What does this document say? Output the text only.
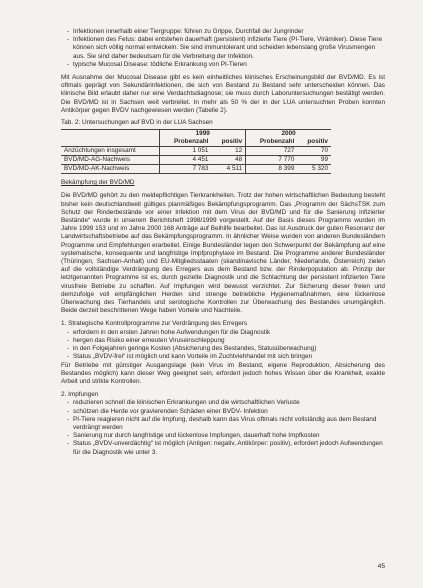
- Infektionen innerhalb einer Tiergruppe: führen zu Grippe, Durchfall der Jungrinder
- Infektionen des Fetus: dabei entstehen dauerhaft (persistent) infizierte Tiere (PI-Tiere, Virämiker). Diese Tiere können sich völlig normal entwickeln. Sie sind immuntolerant und scheiden lebenslang große Virusmengen aus. Sie sind daher bedeutsam für die Verbreitung der Infektion.
- typische Mucosal Disease: tödliche Erkrankung von PI-Tieren

Mit Ausnahme der Mucosal Disease gibt es kein einheitliches klinisches Erscheinungsbild der BVD/MD. Es ist oftmals geprägt von Sekundärinfektionen, die sich von Bestand zu Bestand sehr unterscheiden können. Das klinische Bild erlaubt daher nur eine Verdachtsdiagnose; sie muss durch Laboruntersuchungen bestätigt werden. Die BVD/MD ist in Sachsen weit verbreitet. In mehr als 50 % der in der LUA untersuchten Proben konnten Antikörper gegen BVDV nachgewiesen werden (Tabelle 2).

Tab. 2: Untersuchungen auf BVD in der LUA Sachsen

	1999		2000	
	Probenzahl	positiv	Probenzahl	positiv
Anzüchtungen insgesamt	1 051	12	727	70
BVD/MD-AG-Nachweis	4 451	48	7 770	99
BVD/MD-AK-Nachweis	7 783	4 511	8 399	5 320

Bekämpfung der BVD/MD

Die BVD/MD gehört zu den meldepflichtigen Tierkrankheiten. Trotz der hohen wirtschaftlichen Bedeutung besteht bisher kein deutschlandweit gültiges planmäßiges Bekämpfungsprogramm. Das „Programm der SächsTSK zum Schutz der Rinderbestände vor einer Infektion mit dem Virus der BVD/MD und für die Sanierung infizierter Bestände“ wurde in unserem Berichtsheft 1998/1999 vorgestellt. Auf der Basis dieses Programms wurden im Jahre 1999 153 und im Jahre 2000 168 Anträge auf Beihilfe bearbeitet. Das ist Ausdruck der guten Resonanz der Landwirtschaftsbetriebe auf das Bekämpfungsprogramm. In ähnlicher Weise wurden von anderen Bundesländern Programme und Empfehlungen erarbeitet. Einige Bundesländer legen den Schwerpunkt der Bekämpfung auf eine systematische, konsequente und langfristige Impfprophylaxe im Bestand. Die Programme anderer Bundesländer (Thüringen, Sachsen-Anhalt) und EU-Mitgliedsstaaten (skandinavische Länder, Niederlande, Österreich) zielen auf die vollständige Verdrängung des Erregers aus dem Bestand bzw. der Rinderpopulation ab. Prinzip der letztgenannten Programme ist es, durch gezielte Diagnostik und die Schlachtung der persistent infizierten Tiere virusfreie Betriebe zu schaffen. Auf Impfungen wird bewusst verzichtet. Zur Sicherung dieser freien und demzufolge voll empfänglichen Herden sind strenge betriebliche Hygienemaßnahmen, eine lückenlose Überwachung des Tierhandels und serologische Kontrollen zur Überwachung des Bestandes unumgänglich. Beide derzeit beschrittenen Wege haben Vorteile und Nachteile.

1. Strategische Kontrollprogramme zur Verdrängung des Erregers

- erfordern in den ersten Jahren hohe Aufwendungen für die Diagnostik
- hergen das Risiko einer erneuten Viruseinschleppung
- in den Folgejahren geringe Kosten (Absicherung des Bestandes, Statusüberwachung)
- Status „BVDV-frei“ ist möglich und kann Vorteile im Zuchtviehhandel mit sich bringen

Für Betriebe mit günstiger Ausgangslage (kein Virus im Bestand, eigene Reproduktion, Absicherung des Bestandes möglich) kann dieser Weg geeignet sein, erfordert jedoch hohes Wissen über die Krankheit, exakte Arbeit und strikte Kontrollen.

2. Impfungen

- reduzieren schnell die klinischen Erkrankungen und die wirtschaftlichen Verluste
- schützen die Herde vor gravierenden Schäden einer BVDV- Infektion
- PI-Tiere reagieren nicht auf die Impfung, deshalb kann das Virus oftmals nicht vollständig aus dem Bestand verdrängt werden
- Sanierung nur durch langfristige und lückenlose Impfungen, dauerhaft hohe Impfkosten
- Status „BVDV-unverdächtig“ ist möglich (Antigen: negativ, Antikörper: positiv), erfordert jedoch Aufwendungen für die Diagnostik wie unter 3.
45
